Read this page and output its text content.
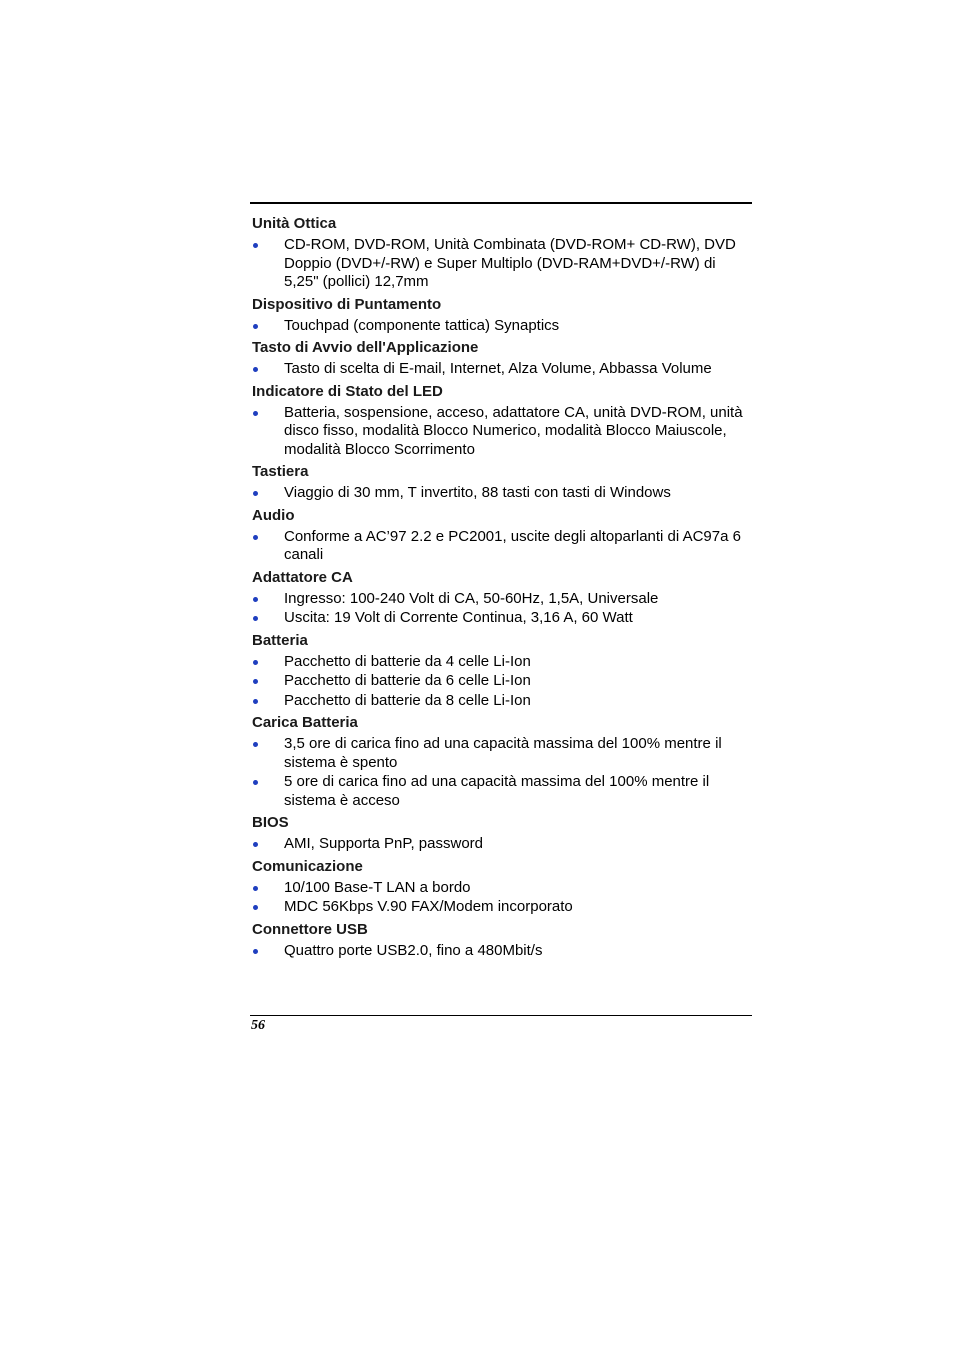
Unità Ottica
CD-ROM, DVD-ROM, Unità Combinata (DVD-ROM+ CD-RW), DVD Doppio (DVD+/-RW) e Super Multiplo (DVD-RAM+DVD+/-RW) di 5,25" (pollici) 12,7mm
Dispositivo di Puntamento
Touchpad (componente tattica) Synaptics
Tasto di Avvio dell'Applicazione
Tasto di scelta di E-mail, Internet, Alza Volume, Abbassa Volume
Indicatore di Stato del LED
Batteria, sospensione, acceso, adattatore CA, unità DVD-ROM, unità disco fisso, modalità Blocco Numerico, modalità Blocco Maiuscole, modalità Blocco Scorrimento
Tastiera
Viaggio di 30 mm, T invertito, 88 tasti con tasti di Windows
Audio
Conforme a AC’97 2.2 e PC2001, uscite degli altoparlanti di AC97a 6 canali
Adattatore CA
Ingresso: 100-240 Volt di CA, 50-60Hz, 1,5A, Universale
Uscita: 19 Volt di Corrente Continua, 3,16 A, 60 Watt
Batteria
Pacchetto di batterie da 4 celle Li-Ion
Pacchetto di batterie da 6 celle Li-Ion
Pacchetto di batterie da 8 celle Li-Ion
Carica Batteria
3,5 ore di carica fino ad una capacità massima del 100% mentre il sistema è spento
5 ore di carica fino ad una capacità massima del 100% mentre il sistema è acceso
BIOS
AMI, Supporta PnP, password
Comunicazione
10/100 Base-T LAN a bordo
MDC 56Kbps V.90 FAX/Modem incorporato
Connettore USB
Quattro porte USB2.0, fino a 480Mbit/s
56
